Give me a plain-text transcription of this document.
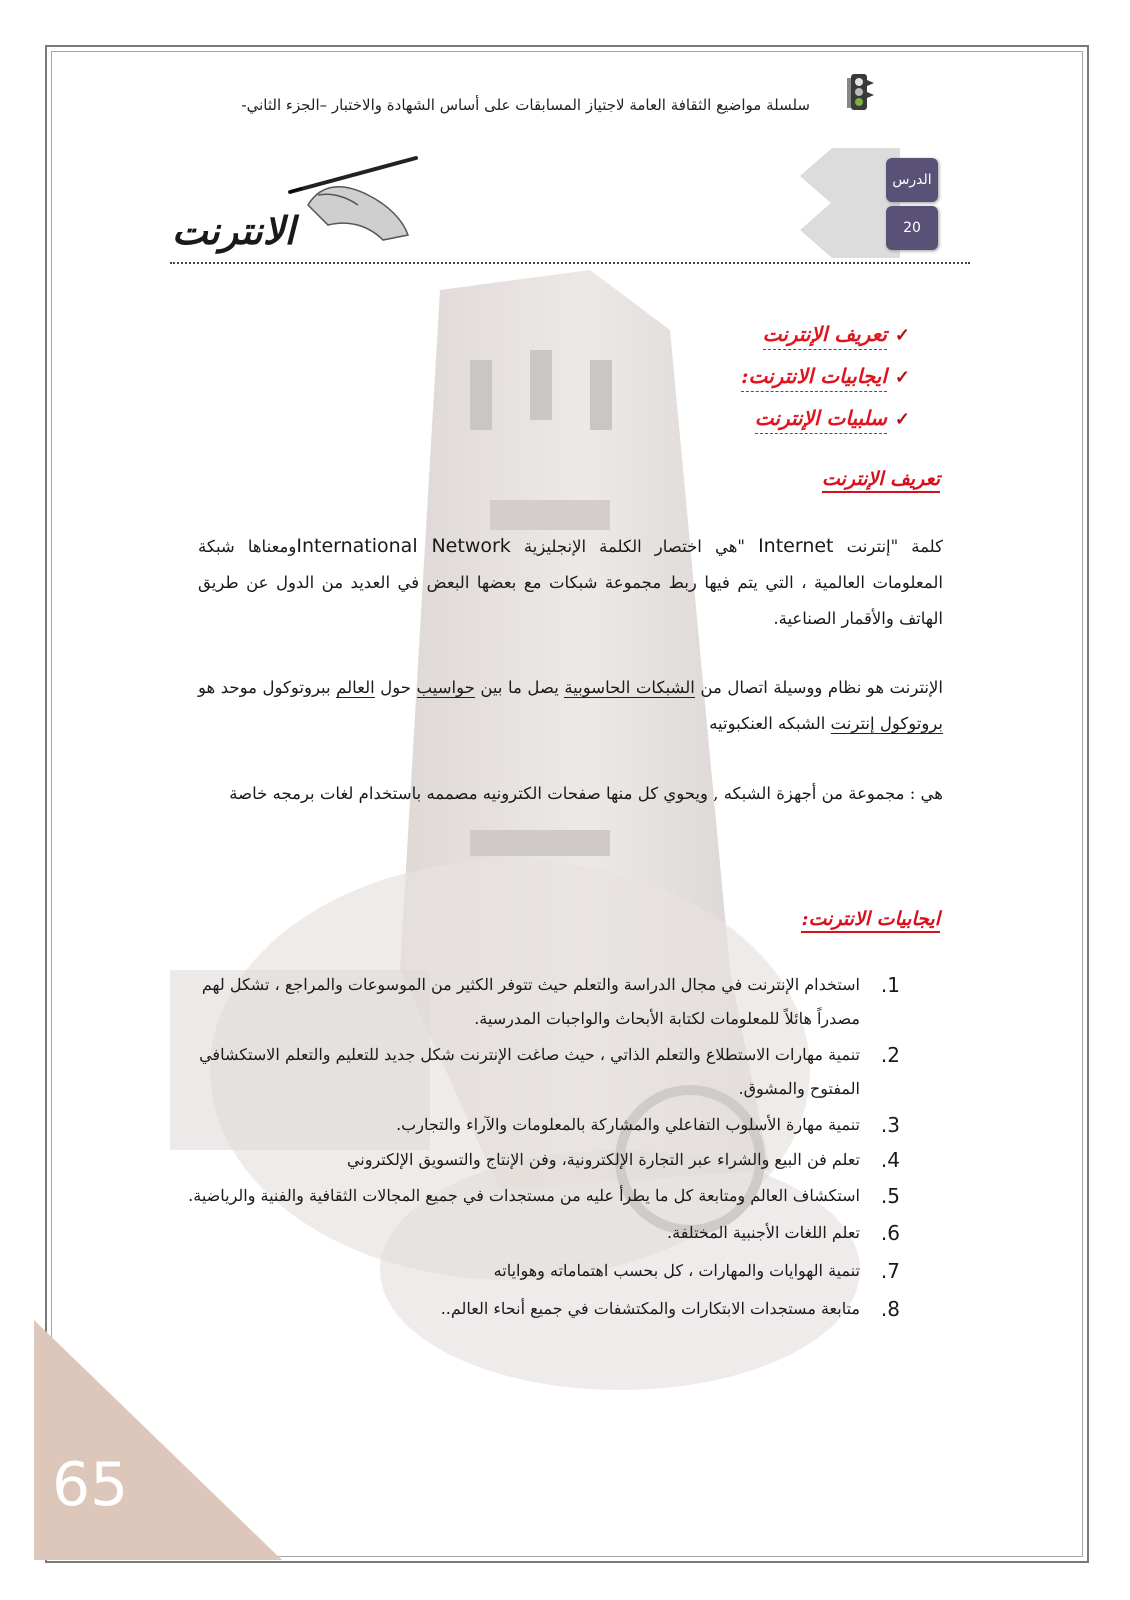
سلسلة مواضيع الثقافة العامة لاجتياز المسابقات على أساس الشهادة والاختبار –الجزء الثاني-
الدرس
20
الانترنت
✓تعريف الإنترنت
✓ايجابيات الانترنت:
✓سلبيات الإنترنت
تعريف الإنترنت

كلمة "إنترنت Internet "هي اختصار الكلمة الإنجليزية International Networkومعناها شبكة المعلومات العالمية ، التي يتم فيها ربط مجموعة شبكات مع بعضها البعض في العديد من الدول عن طريق الهاتف والأقمار الصناعية.

الإنترنت هو نظام ووسيلة اتصال من الشبكات الحاسوبية يصل ما بين حواسيب حول العالم ببروتوكول موحد هو بروتوكول إنترنت الشبكه العنكبوتيه

هي : مجموعة من أجهزة الشبكه , ويحوي كل منها صفحات الكترونيه مصممه باستخدام لغات برمجه خاصة

ايجابيات الانترنت:
1.
استخدام الإنترنت في مجال الدراسة والتعلم حيث تتوفر الكثير من الموسوعات والمراجع ، تشكل لهم مصدراً هائلاً للمعلومات لكتابة الأبحاث والواجبات المدرسية.
2.
تنمية مهارات الاستطلاع والتعلم الذاتي ، حيث صاغت الإنترنت شكل جديد للتعليم والتعلم الاستكشافي المفتوح والمشوق.
3.
تنمية مهارة الأسلوب التفاعلي والمشاركة بالمعلومات والآراء والتجارب.
4.
تعلم فن البيع والشراء عبر التجارة الإلكترونية، وفن الإنتاج والتسويق الإلكتروني
5.
استكشاف العالم ومتابعة كل ما يطرأ عليه من مستجدات في جميع المجالات الثقافية والفنية والرياضية.
6.
تعلم اللغات الأجنبية المختلفة.
7.
تنمية الهوايات والمهارات ، كل بحسب اهتماماته وهواياته
8.
متابعة مستجدات الابتكارات والمكتشفات في جميع أنحاء العالم..
65
